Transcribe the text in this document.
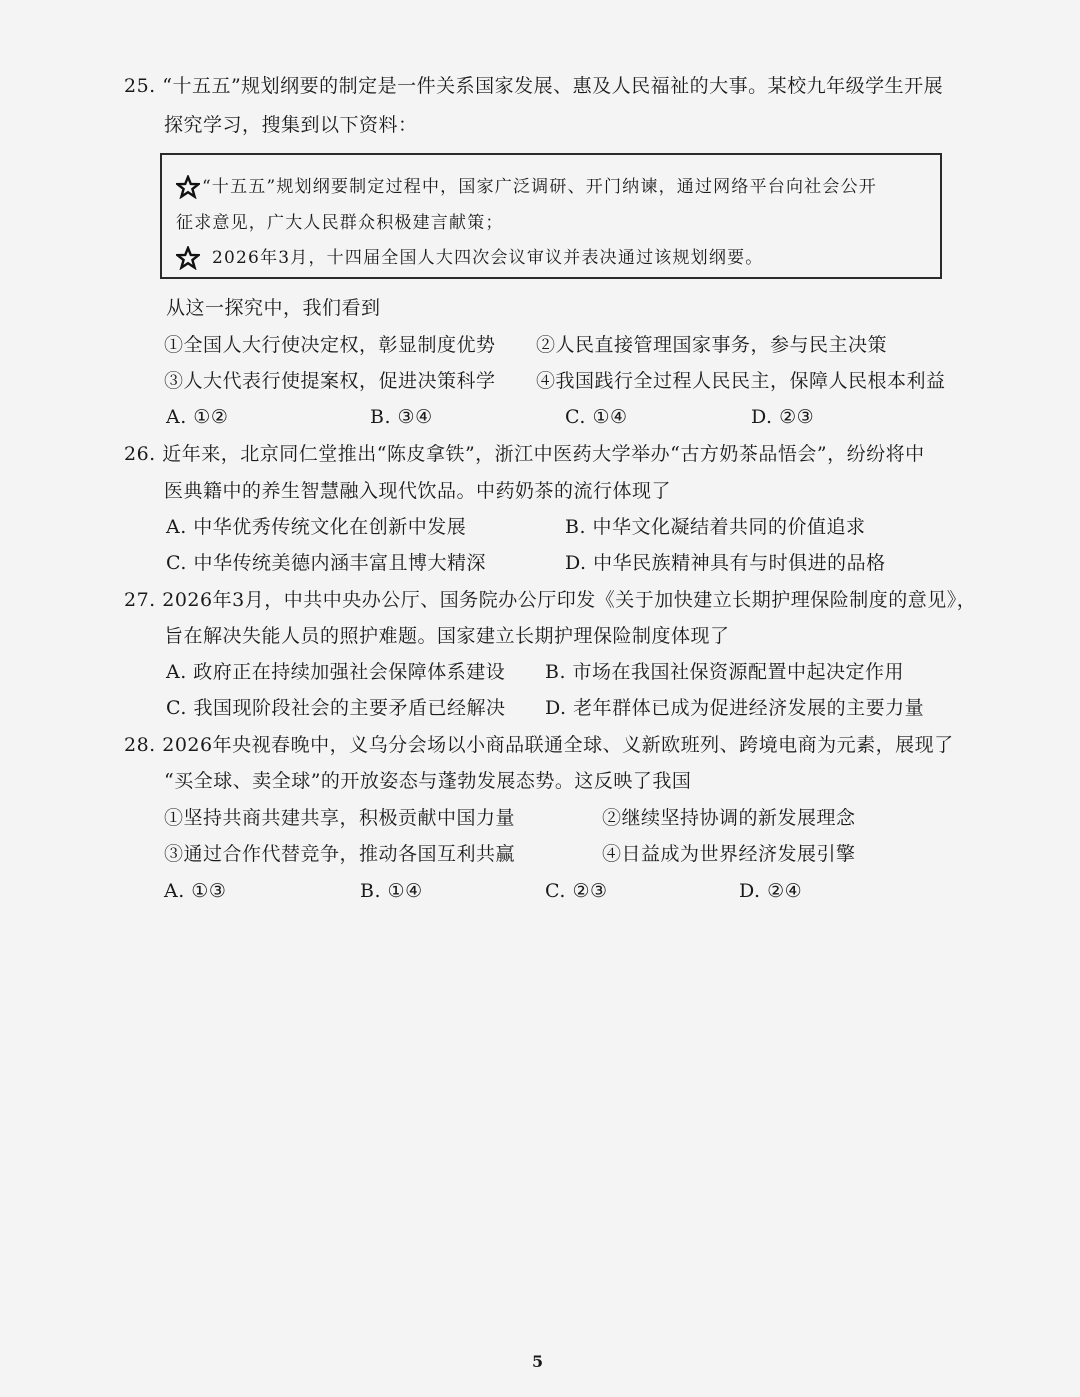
25. “十五五”规划纲要的制定是一件关系国家发展、惠及人民福祉的大事。某校九年级学生开展
探究学习，搜集到以下资料：
“十五五”规划纲要制定过程中，国家广泛调研、开门纳谏，通过网络平台向社会公开
征求意见，广大人民群众积极建言献策；
2026年3月，十四届全国人大四次会议审议并表决通过该规划纲要。
从这一探究中，我们看到
①全国人大行使决定权，彰显制度优势 ②人民直接管理国家事务，参与民主决策
③人大代表行使提案权，促进决策科学 ④我国践行全过程人民民主，保障人民根本利益
A. ①②	B. ③④	C. ①④	D. ②③
26. 近年来，北京同仁堂推出“陈皮拿铁”，浙江中医药大学举办“古方奶茶品悟会”，纷纷将中
医典籍中的养生智慧融入现代饮品。中药奶茶的流行体现了
A. 中华优秀传统文化在创新中发展	B. 中华文化凝结着共同的价值追求
C. 中华传统美德内涵丰富且博大精深	D. 中华民族精神具有与时俱进的品格
27. 2026年3月，中共中央办公厅、国务院办公厅印发《关于加快建立长期护理保险制度的意见》，
旨在解决失能人员的照护难题。国家建立长期护理保险制度体现了
A. 政府正在持续加强社会保障体系建设 B. 市场在我国社保资源配置中起决定作用
C. 我国现阶段社会的主要矛盾已经解决 D. 老年群体已成为促进经济发展的主要力量
28. 2026年央视春晚中，义乌分会场以小商品联通全球、义新欧班列、跨境电商为元素，展现了
“买全球、卖全球”的开放姿态与蓬勃发展态势。这反映了我国
①坚持共商共建共享，积极贡献中国力量	②继续坚持协调的新发展理念
③通过合作代替竞争，推动各国互利共赢	④日益成为世界经济发展引擎
A. ①③	B. ①④	C. ②③	D. ②④
5
